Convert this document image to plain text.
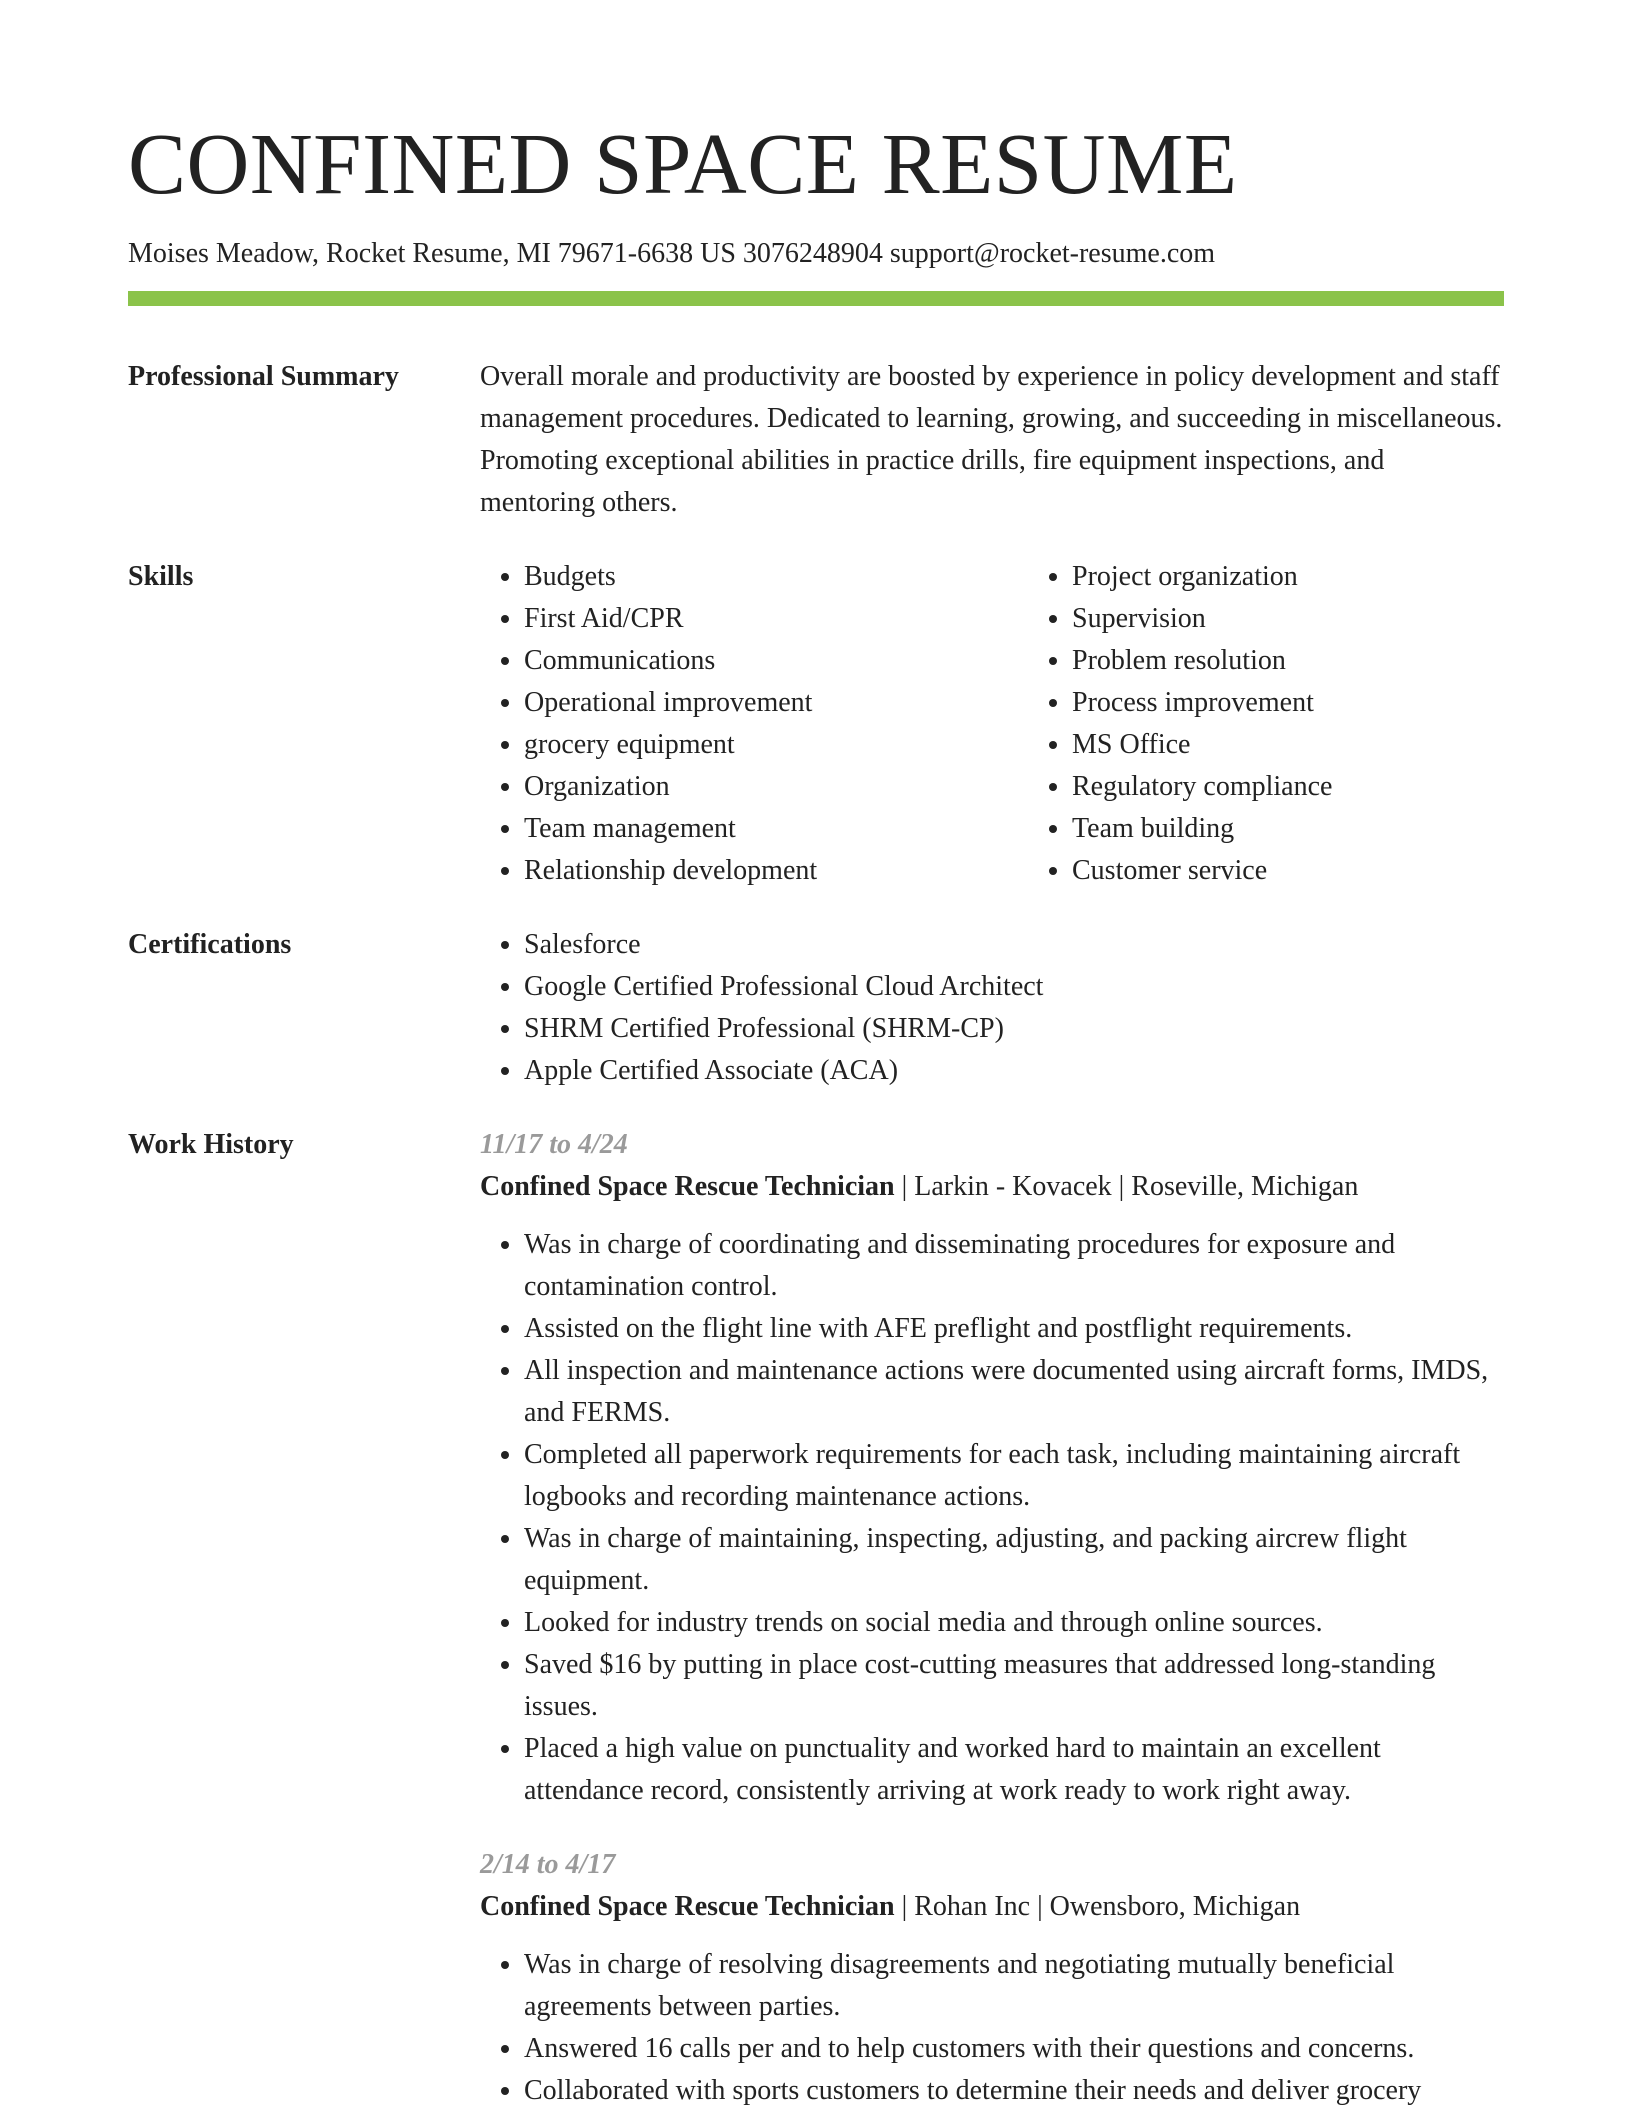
CONFINED SPACE RESUME
Moises Meadow, Rocket Resume, MI 79671-6638 US 3076248904 support@rocket-resume.com
Professional Summary	Overall morale and productivity are boosted by experience in policy development and staff management procedures. Dedicated to learning, growing, and succeeding in miscellaneous. Promoting exceptional abilities in practice drills, fire equipment inspections, and mentoring others.

Skills	• Budgets
• First Aid/CPR
• Communications
• Operational improvement
• grocery equipment
• Organization
• Team management
• Relationship development
• Project organization
• Supervision
• Problem resolution
• Process improvement
• MS Office
• Regulatory compliance
• Team building
• Customer service
Certifications	• Salesforce
• Google Certified Professional Cloud Architect
• SHRM Certified Professional (SHRM-CP)
• Apple Certified Associate (ACA)
Work History	11/17 to 4/24
Confined Space Rescue Technician | Larkin - Kovacek | Roseville, Michigan
• Was in charge of coordinating and disseminating procedures for exposure and contamination control.
• Assisted on the flight line with AFE preflight and postflight requirements.
• All inspection and maintenance actions were documented using aircraft forms, IMDS, and FERMS.
• Completed all paperwork requirements for each task, including maintaining aircraft logbooks and recording maintenance actions.
• Was in charge of maintaining, inspecting, adjusting, and packing aircrew flight equipment.
• Looked for industry trends on social media and through online sources.
• Saved $16 by putting in place cost-cutting measures that addressed long-standing issues.
• Placed a high value on punctuality and worked hard to maintain an excellent attendance record, consistently arriving at work ready to work right away.
2/14 to 4/17
Confined Space Rescue Technician | Rohan Inc | Owensboro, Michigan
• Was in charge of resolving disagreements and negotiating mutually beneficial agreements between parties.
• Answered 16 calls per and to help customers with their questions and concerns.
• Collaborated with sports customers to determine their needs and deliver grocery
